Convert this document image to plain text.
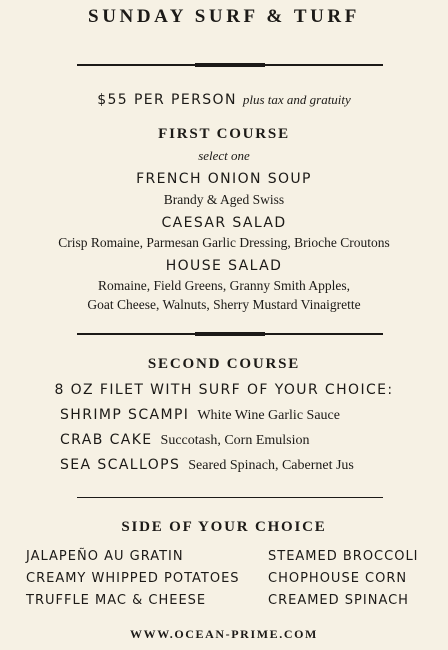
SUNDAY SURF & TURF
$55 PER PERSON plus tax and gratuity
FIRST COURSE
select one
FRENCH ONION SOUP
Brandy & Aged Swiss
CAESAR SALAD
Crisp Romaine, Parmesan Garlic Dressing, Brioche Croutons
HOUSE SALAD
Romaine, Field Greens, Granny Smith Apples,
Goat Cheese, Walnuts, Sherry Mustard Vinaigrette
SECOND COURSE
8 OZ FILET WITH SURF OF YOUR CHOICE:
SHRIMP SCAMPI White Wine Garlic Sauce
CRAB CAKE Succotash, Corn Emulsion
SEA SCALLOPS Seared Spinach, Cabernet Jus
SIDE OF YOUR CHOICE
JALAPEÑO AU GRATIN
CREAMY WHIPPED POTATOES
TRUFFLE MAC & CHEESE
STEAMED BROCCOLI
CHOPHOUSE CORN
CREAMED SPINACH
WWW.OCEAN-PRIME.COM
